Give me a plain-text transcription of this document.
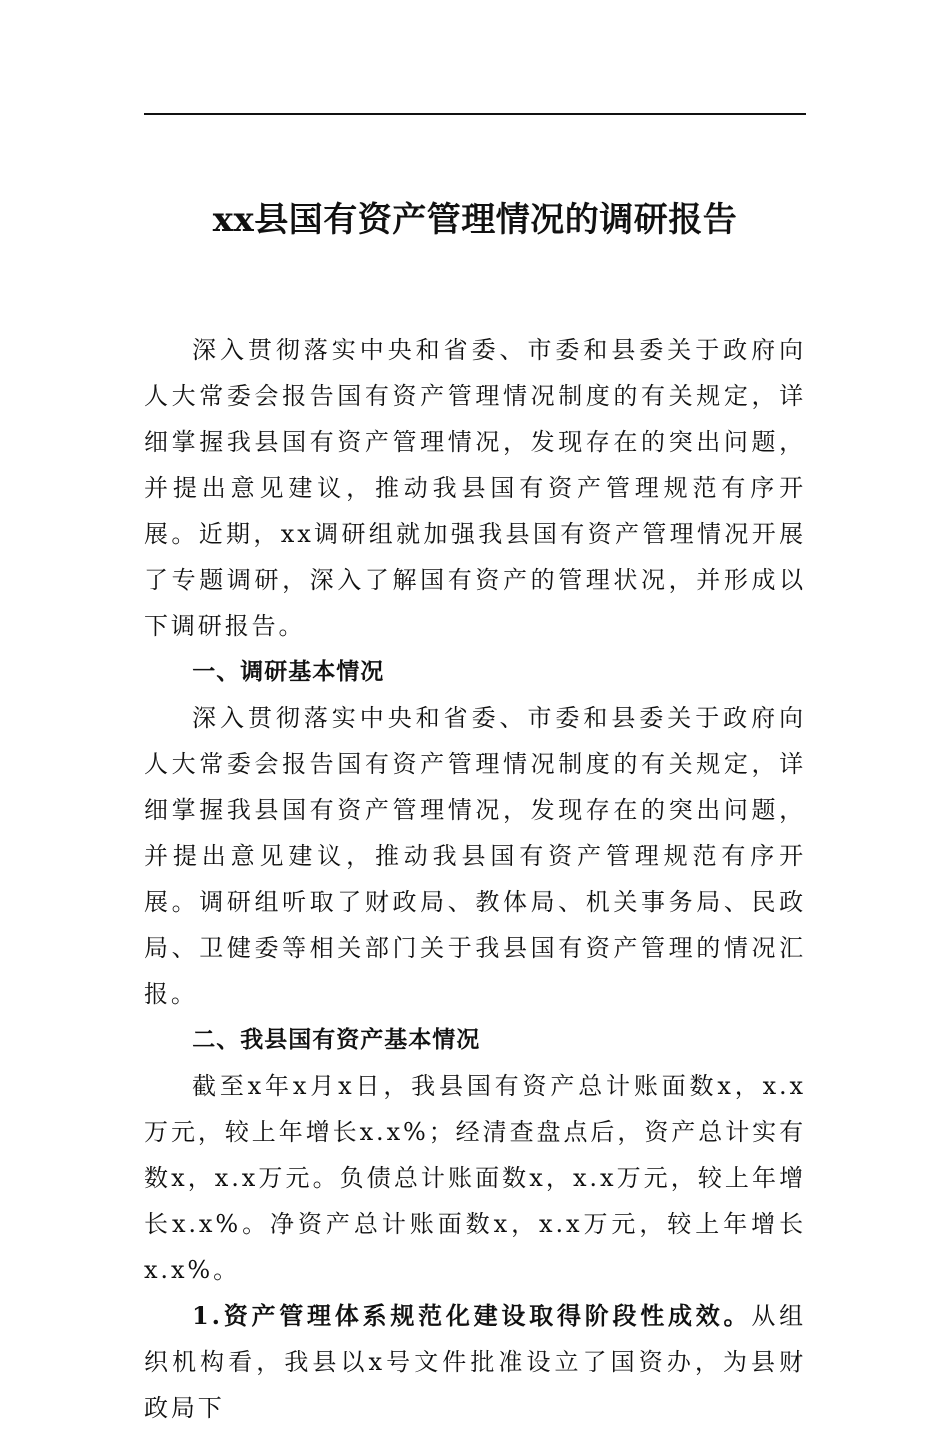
xx县国有资产管理情况的调研报告

深入贯彻落实中央和省委、市委和县委关于政府向人大常委会报告国有资产管理情况制度的有关规定，详细掌握我县国有资产管理情况，发现存在的突出问题，并提出意见建议，推动我县国有资产管理规范有序开展。近期，xx调研组就加强我县国有资产管理情况开展了专题调研，深入了解国有资产的管理状况，并形成以下调研报告。

一、调研基本情况

深入贯彻落实中央和省委、市委和县委关于政府向人大常委会报告国有资产管理情况制度的有关规定，详细掌握我县国有资产管理情况，发现存在的突出问题，并提出意见建议，推动我县国有资产管理规范有序开展。调研组听取了财政局、教体局、机关事务局、民政局、卫健委等相关部门关于我县国有资产管理的情况汇报。

二、我县国有资产基本情况

截至x年x月x日，我县国有资产总计账面数x，x.x万元，较上年增长x.x%；经清查盘点后，资产总计实有数x，x.x万元。负债总计账面数x，x.x万元，较上年增长x.x%。净资产总计账面数x，x.x万元，较上年增长x.x%。

1.资产管理体系规范化建设取得阶段性成效。从组织机构看，我县以x号文件批准设立了国资办，为县财政局下
